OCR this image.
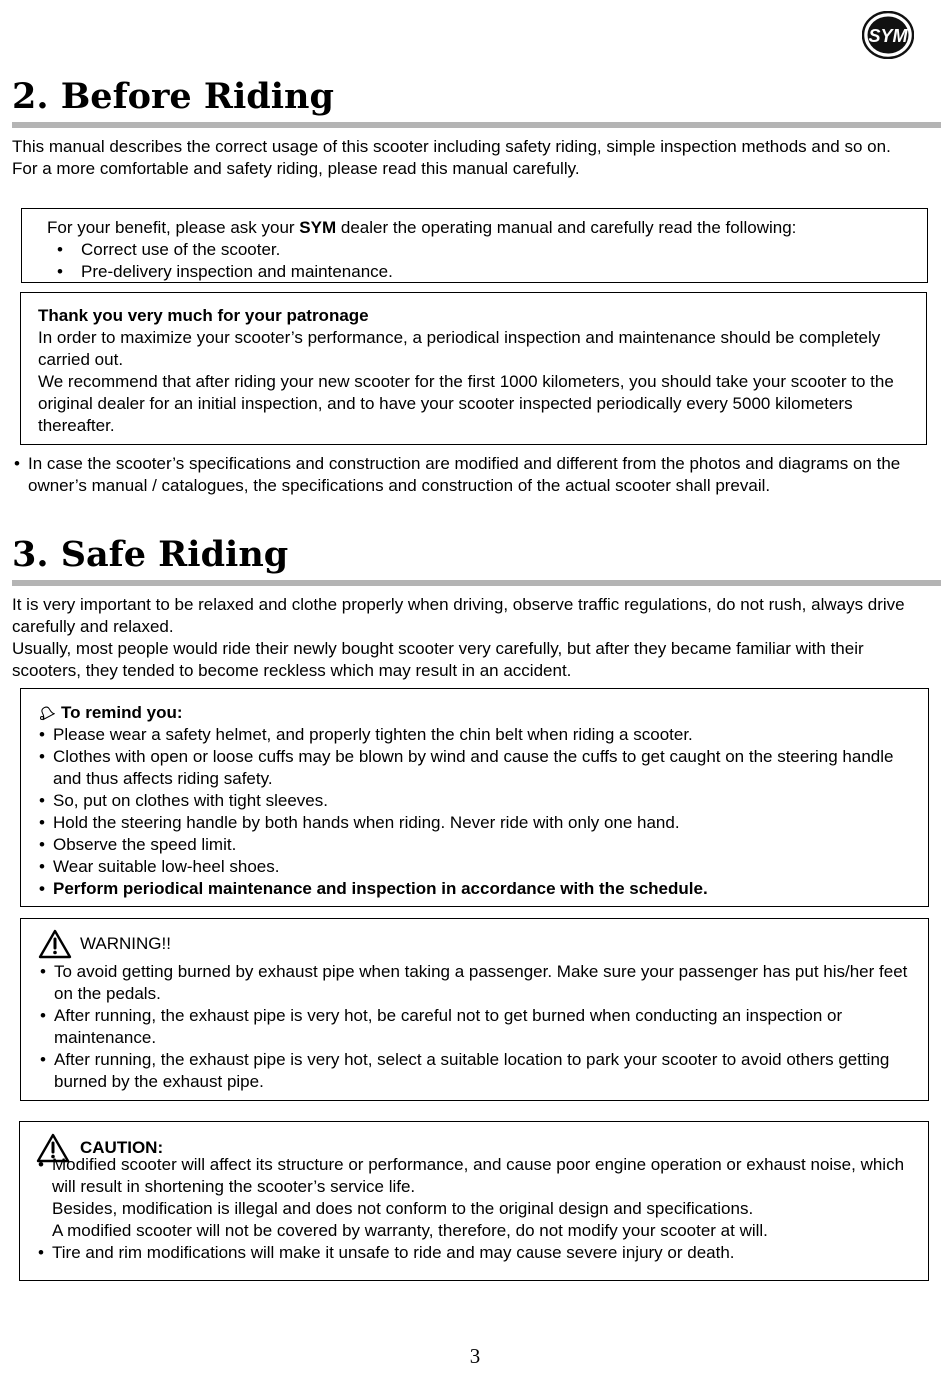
SYM
2. Before Riding
This manual describes the correct usage of this scooter including safety riding, simple inspection methods and so on.
For a more comfortable and safety riding, please read this manual carefully.
For your benefit, please ask your SYM dealer the operating manual and carefully read the following:
• Correct use of the scooter.
• Pre-delivery inspection and maintenance.
Thank you very much for your patronage
In order to maximize your scooter’s performance, a periodical inspection and maintenance should be completely carried out.
We recommend that after riding your new scooter for the first 1000 kilometers, you should take your scooter to the original dealer for an initial inspection, and to have your scooter inspected periodically every 5000 kilometers thereafter.
• In case the scooter’s specifications and construction are modified and different from the photos and diagrams on the owner’s manual / catalogues, the specifications and construction of the actual scooter shall prevail.
3. Safe Riding
It is very important to be relaxed and clothe properly when driving, observe traffic regulations, do not rush, always drive carefully and relaxed.
Usually, most people would ride their newly bought scooter very carefully, but after they became familiar with their scooters, they tended to become reckless which may result in an accident.
To remind you:
• Please wear a safety helmet, and properly tighten the chin belt when riding a scooter.
• Clothes with open or loose cuffs may be blown by wind and cause the cuffs to get caught on the steering handle and thus affects riding safety.
• So, put on clothes with tight sleeves.
• Hold the steering handle by both hands when riding. Never ride with only one hand.
• Observe the speed limit.
• Wear suitable low-heel shoes.
• Perform periodical maintenance and inspection in accordance with the schedule.
WARNING!!
• To avoid getting burned by exhaust pipe when taking a passenger. Make sure your passenger has put his/her feet on the pedals.
• After running, the exhaust pipe is very hot, be careful not to get burned when conducting an inspection or maintenance.
• After running, the exhaust pipe is very hot, select a suitable location to park your scooter to avoid others getting burned by the exhaust pipe.
CAUTION:
• Modified scooter will affect its structure or performance, and cause poor engine operation or exhaust noise, which will result in shortening the scooter’s service life.
Besides, modification is illegal and does not conform to the original design and specifications.
A modified scooter will not be covered by warranty, therefore, do not modify your scooter at will.
• Tire and rim modifications will make it unsafe to ride and may cause severe injury or death.
3
